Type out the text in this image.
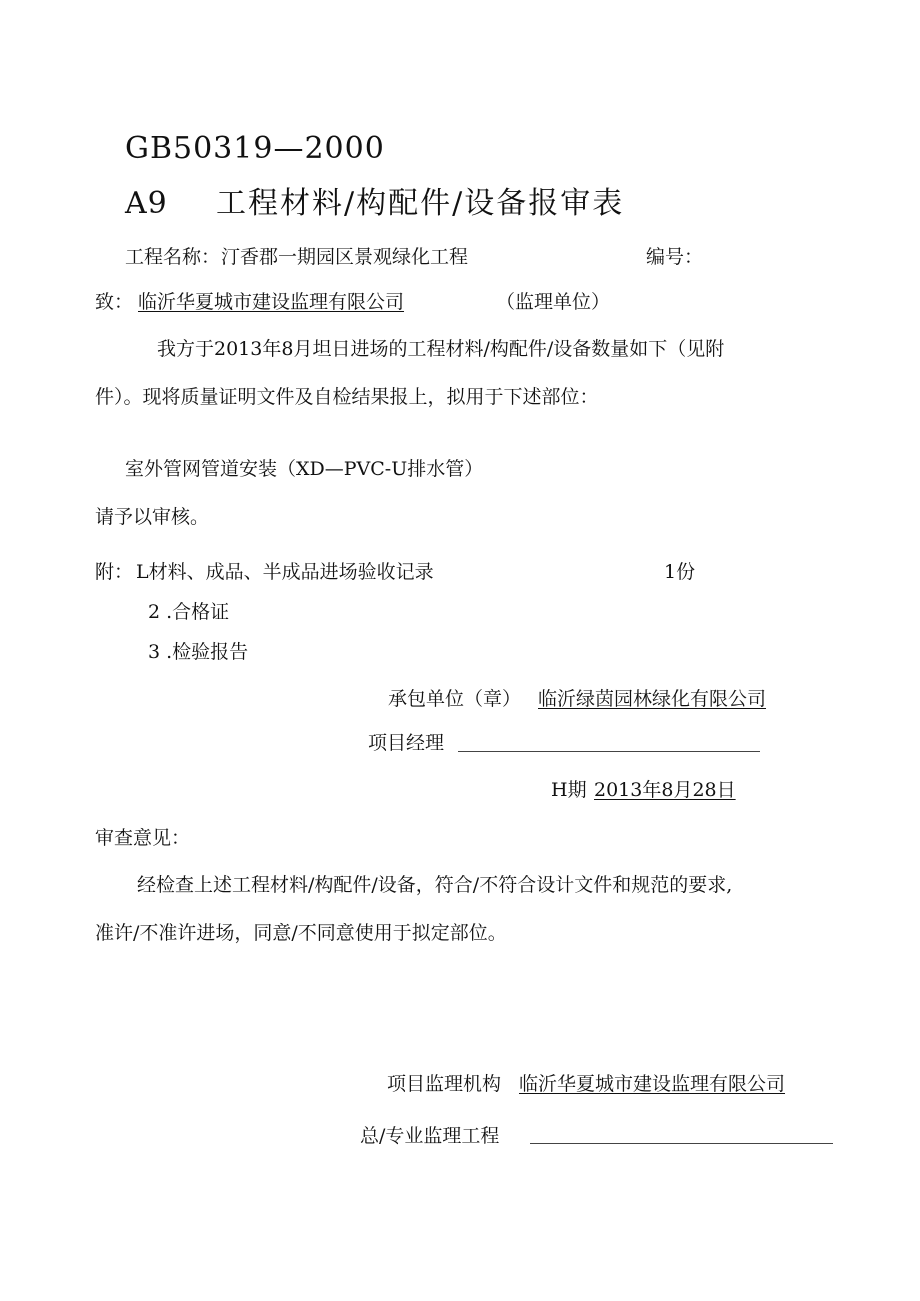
GB50319—2000
A9 工程材料/构配件/设备报审表
工程名称： 汀香郡一期园区景观绿化工程	编号：
致： 临沂华夏城市建设监理有限公司	（监理单位）
我方于2013年8月坦日进场的工程材料/构配件/设备数量如下（见附
件）。现将质量证明文件及自检结果报上，拟用于下述部位：
室外管网管道安装（XD—PVC-U排水管）
请予以审核。
附： L材料、成品、半成品进场验收记录	1份
2 .合格证
3 .检验报告
承包单位（章） 临沂绿茵园林绿化有限公司
项目经理
H期 2013年8月28日
审查意见：
经检查上述工程材料/构配件/设备，符合/不符合设计文件和规范的要求,
准许/不准许进场，同意/不同意使用于拟定部位。
项目监理机构 临沂华夏城市建设监理有限公司
总/专业监理工程
